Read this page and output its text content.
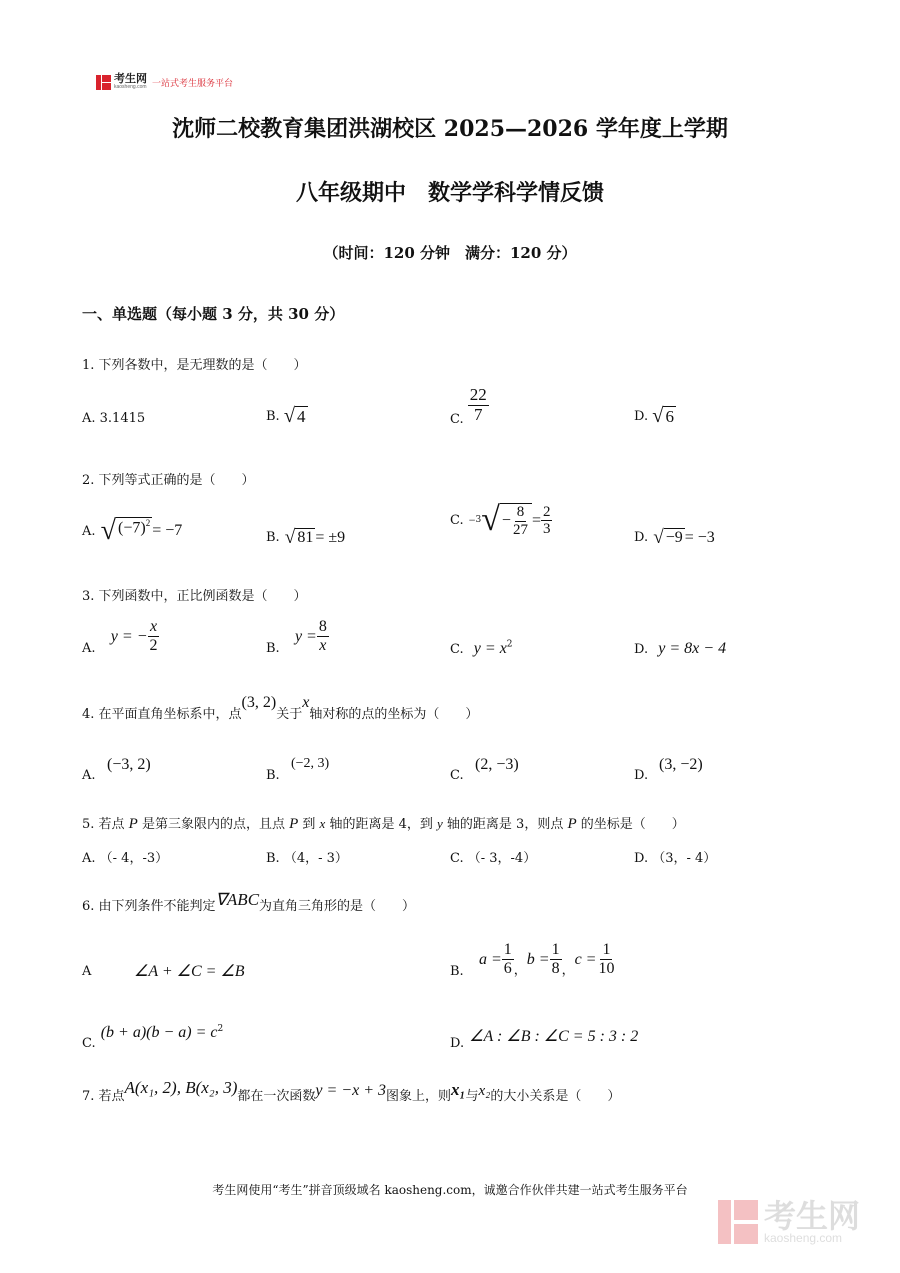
考生网
kaosheng.com 一站式考生服务平台
沈师二校教育集团洪湖校区 2025—2026 学年度上学期
八年级期中　数学学科学情反馈
（时间：120 分钟　满分：120 分）
一、单选题（每小题 3 分，共 30 分）
1. 下列各数中，是无理数的是（　　）
A. 3.1415	B.
√ 4	C.
$\frac{22}{7}$	D.
√ 6
2. 下列等式正确的是（　　）
A.
√ $(-7)^2 = -7$	B.
√ 81 = ±9
C.
− 3 √ − $\frac{8}{27} = \frac{2}{3}$
D.
√ −9 = −3
3. 下列函数中，正比例函数是（　　）
A.

y = − $\frac{x}{2}$	B.

$y = \frac{8}{x}$	C. $y = x^2$	D. y = 8x − 4
4. 在平面直角坐标系中，点
(3, 2)
关于
x
轴对称的点的坐标为（　　）
A.
(−3, 2)
B.
(−2, 3)
C.
(2, −3)
D.
(3, −2)
5. 若点 P 是第三象限内的点，且点 P 到 x 轴的距离是 4，到 y 轴的距离是 3，则点 P 的坐标是（　　）
A. （- 4，-3）	B. （4，- 3）	C. （- 3，-4）	D. （3，- 4）
6. 由下列条件不能判定 ∇ABC 为直角三角形的是（　　）
A	∠A + ∠C = ∠B	B.

$a = \frac{1}{6}$ ，
$b = \frac{1}{8}$ ，
$c = \frac{1}{10}$
C.

$(b + a)(b - a) = c^2$
D.
∠A : ∠B : ∠C = 5 : 3 : 2
7. 若点 A(x₁, 2), B(x₂, 3) 都在一次函数 y = −x + 3 图象上，则 x₁ 与 x₂ 的大小关系是（　　）
考生网使用“考生”拼音顶级域名 kaosheng.com，诚邀合作伙伴共建一站式考生服务平台
考生网
kaosheng.com
